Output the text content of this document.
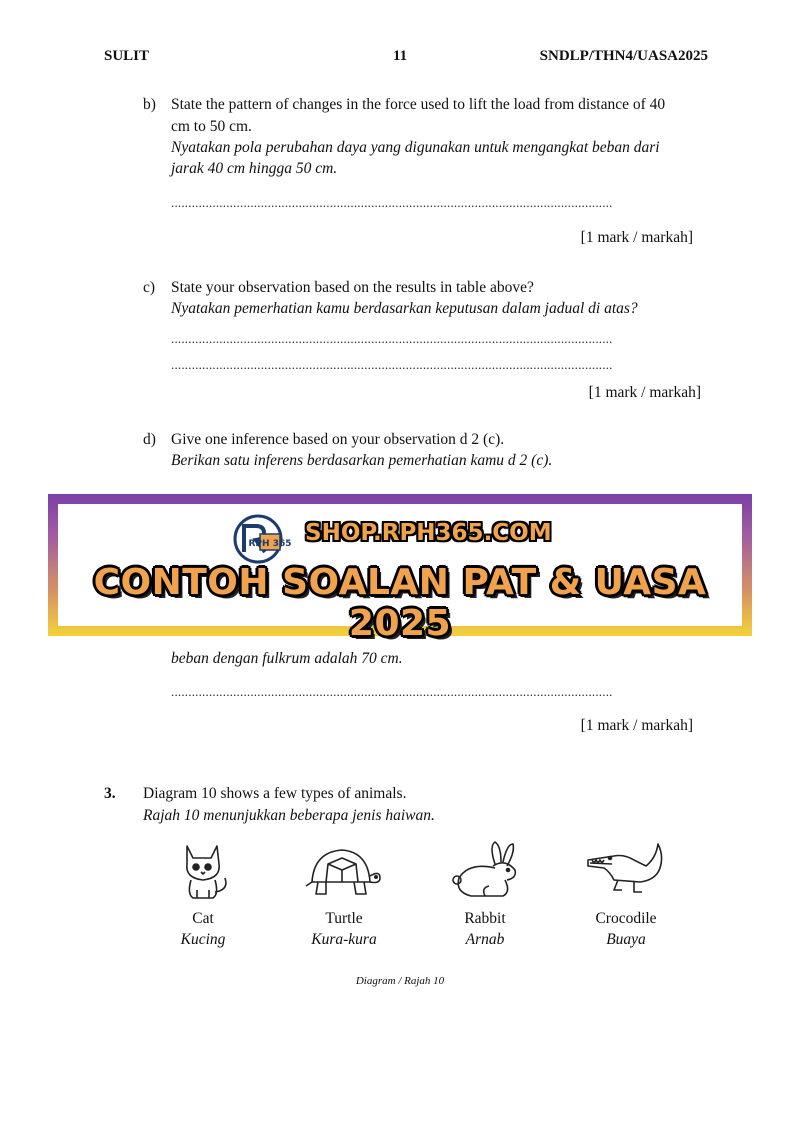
SULIT	11	SNDLP/THN4/UASA2025
b) State the pattern of changes in the force used to lift the load from distance of 40
cm to 50 cm.
Nyatakan pola perubahan daya yang digunakan untuk mengangkat beban dari
jarak 40 cm hingga 50 cm.
................................................................................................................................
[1 mark / markah]
c) State your observation based on the results in table above?
Nyatakan pemerhatian kamu berdasarkan keputusan dalam jadual di atas?
................................................................................................................................
................................................................................................................................
[1 mark / markah]
d) Give one inference based on your observation d 2 (c).
Berikan satu inferens berdasarkan pemerhatian kamu d 2 (c).
RPH 365 SHOP.RPH365.COM
CONTOH SOALAN PAT & UASA 2025
beban dengan fulkrum adalah 70 cm.
................................................................................................................................
[1 mark / markah]
3. Diagram 10 shows a few types of animals.
Rajah 10 menunjukkan beberapa jenis haiwan.
Cat
Kucing
Turtle
Kura-kura
Rabbit
Arnab
Crocodile
Buaya
Diagram / Rajah 10
